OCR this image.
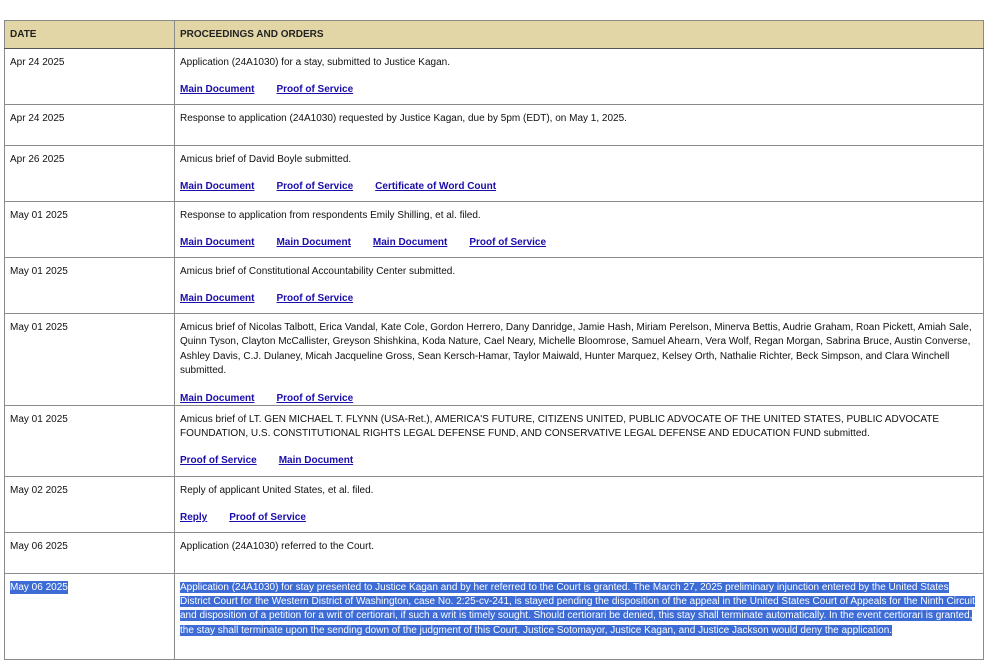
DATE	PROCEEDINGS AND ORDERS
Apr 24 2025	Application (24A1030) for a stay, submitted to Justice Kagan.
Main Document Proof of Service

Apr 24 2025	Response to application (24A1030) requested by Justice Kagan, due by 5pm (EDT), on May 1, 2025.

Apr 26 2025	Amicus brief of David Boyle submitted.
Main Document Proof of Service Certificate of Word Count

May 01 2025	Response to application from respondents Emily Shilling, et al. filed.
Main Document Main Document Main Document Proof of Service

May 01 2025	Amicus brief of Constitutional Accountability Center submitted.
Main Document Proof of Service

May 01 2025	Amicus brief of Nicolas Talbott, Erica Vandal, Kate Cole, Gordon Herrero, Dany Danridge, Jamie Hash, Miriam Perelson, Minerva Bettis, Audrie Graham, Roan Pickett, Amiah Sale, Quinn Tyson, Clayton McCallister, Greyson Shishkina, Koda Nature, Cael Neary, Michelle Bloomrose, Samuel Ahearn, Vera Wolf, Regan Morgan, Sabrina Bruce, Austin Converse, Ashley Davis, C.J. Dulaney, Micah Jacqueline Gross, Sean Kersch-Hamar, Taylor Maiwald, Hunter Marquez, Kelsey Orth, Nathalie Richter, Beck Simpson, and Clara Winchell submitted.
Main Document Proof of Service

May 01 2025	Amicus brief of LT. GEN MICHAEL T. FLYNN (USA-Ret.), AMERICA'S FUTURE, CITIZENS UNITED, PUBLIC ADVOCATE OF THE UNITED STATES, PUBLIC ADVOCATE FOUNDATION, U.S. CONSTITUTIONAL RIGHTS LEGAL DEFENSE FUND, AND CONSERVATIVE LEGAL DEFENSE AND EDUCATION FUND submitted.
Proof of Service Main Document

May 02 2025	Reply of applicant United States, et al. filed.
Reply Proof of Service

May 06 2025	Application (24A1030) referred to the Court.

May 06 2025	Application (24A1030) for stay presented to Justice Kagan and by her referred to the Court is granted. The March 27, 2025 preliminary injunction entered by the United States District Court for the Western District of Washington, case No. 2:25-cv-241, is stayed pending the disposition of the appeal in the United States Court of Appeals for the Ninth Circuit and disposition of a petition for a writ of certiorari, if such a writ is timely sought. Should certiorari be denied, this stay shall terminate automatically. In the event certiorari is granted, the stay shall terminate upon the sending down of the judgment of this Court. Justice Sotomayor, Justice Kagan, and Justice Jackson would deny the application.
